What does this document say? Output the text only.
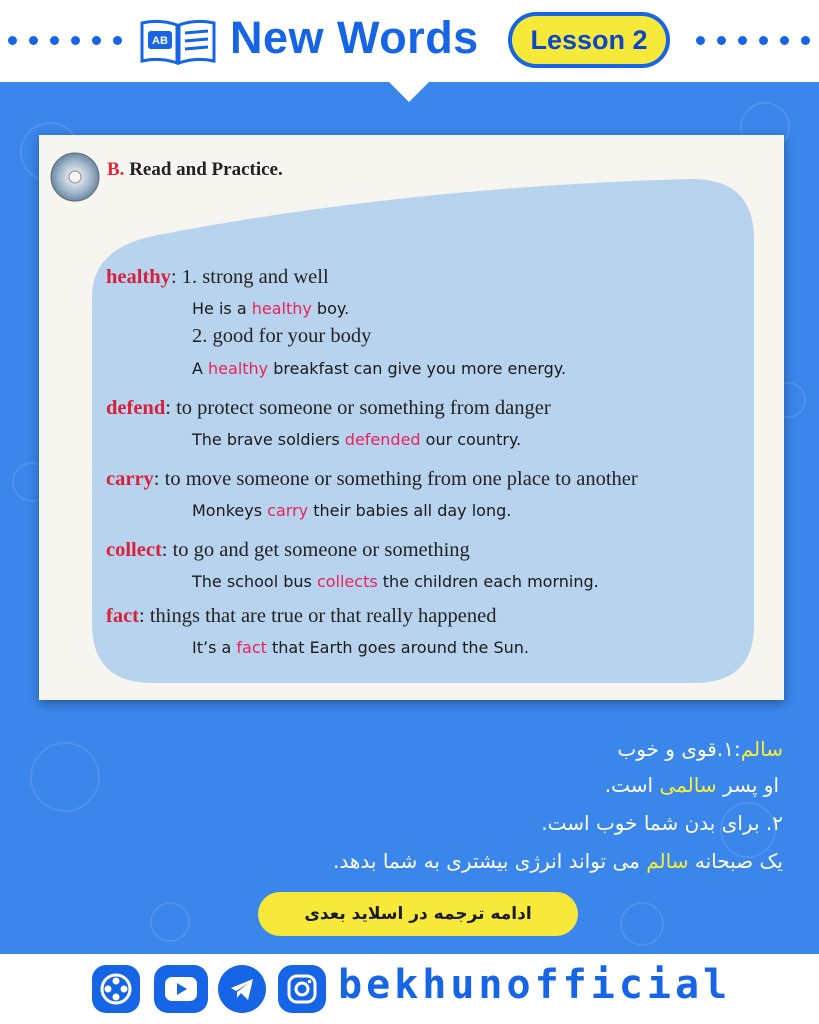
AB New Words	Lesson 2
B. Read and Practice.
healthy: 1. strong and well
He is a healthy boy.
2. good for your body
A healthy breakfast can give you more energy.
defend: to protect someone or something from danger
The brave soldiers defended our country.
carry: to move someone or something from one place to another
Monkeys carry their babies all day long.
collect: to go and get someone or something
The school bus collects the children each morning.
fact: things that are true or that really happened
It’s a fact that Earth goes around the Sun.
سالم:۱.قوی و خوب
او پسر سالمی است.
۲. برای بدن شما خوب است.
یک صبحانه سالم می تواند انرژی بیشتری به شما بدهد.
ادامه ترجمه در اسلاید بعدی
bekhunofficial
